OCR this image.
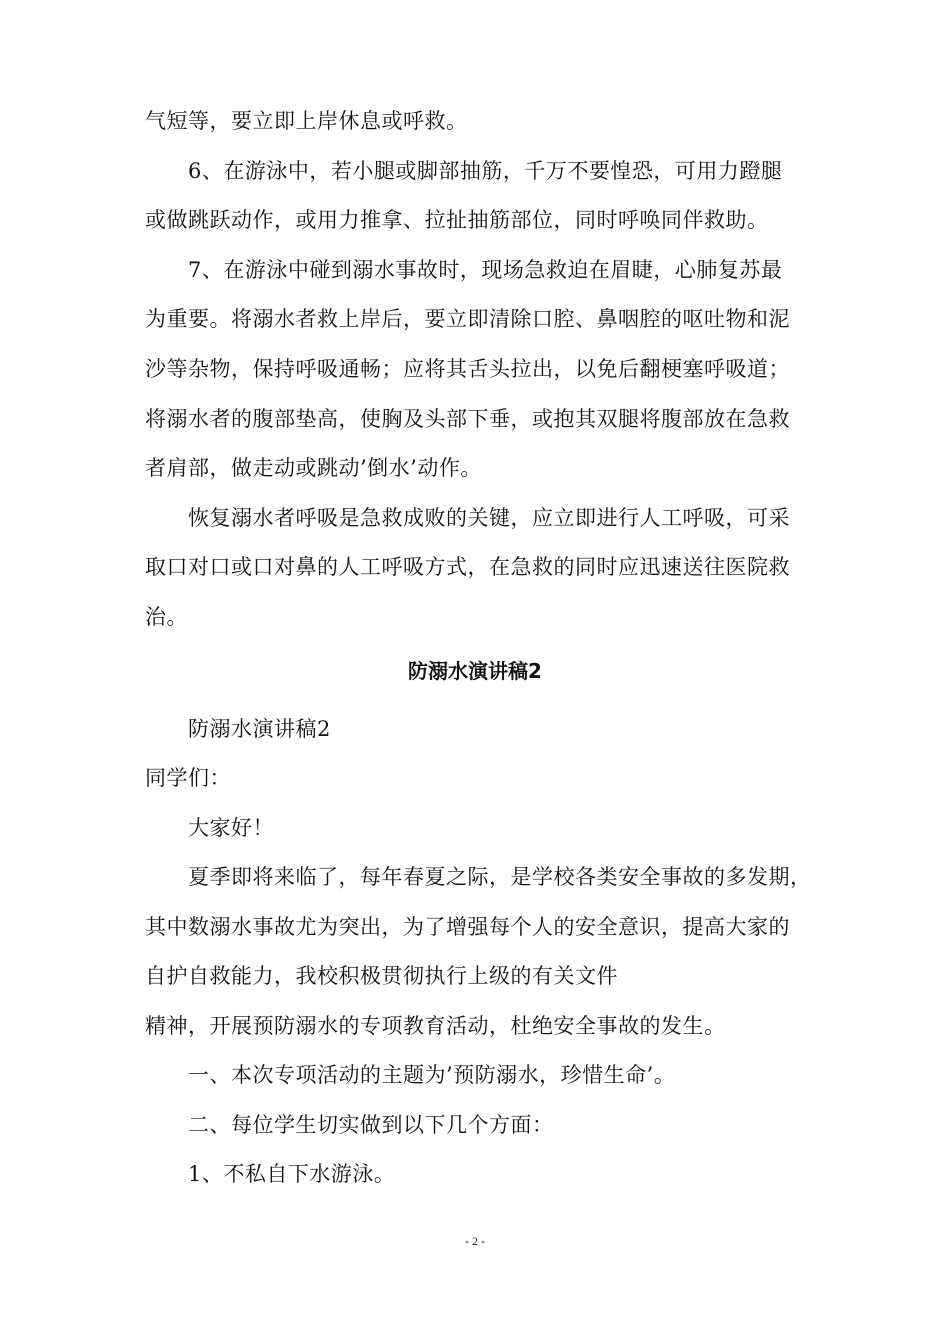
气短等，要立即上岸休息或呼救。
6、在游泳中，若小腿或脚部抽筋，千万不要惶恐，可用力蹬腿
或做跳跃动作，或用力推拿、拉扯抽筋部位，同时呼唤同伴救助。
7、在游泳中碰到溺水事故时，现场急救迫在眉睫，心肺复苏最
为重要。将溺水者救上岸后，要立即清除口腔、鼻咽腔的呕吐物和泥
沙等杂物，保持呼吸通畅；应将其舌头拉出，以免后翻梗塞呼吸道；
将溺水者的腹部垫高，使胸及头部下垂，或抱其双腿将腹部放在急救
者肩部，做走动或跳动’倒水’动作。
恢复溺水者呼吸是急救成败的关键，应立即进行人工呼吸，可采
取口对口或口对鼻的人工呼吸方式，在急救的同时应迅速送往医院救
治。
防溺水演讲稿2
防溺水演讲稿2
同学们：
大家好！
夏季即将来临了，每年春夏之际，是学校各类安全事故的多发期，
其中数溺水事故尤为突出，为了增强每个人的安全意识，提高大家的
自护自救能力，我校积极贯彻执行上级的有关文件
精神，开展预防溺水的专项教育活动，杜绝安全事故的发生。
一、本次专项活动的主题为’预防溺水，珍惜生命’。
二、每位学生切实做到以下几个方面：
1、不私自下水游泳。
- 2 -
